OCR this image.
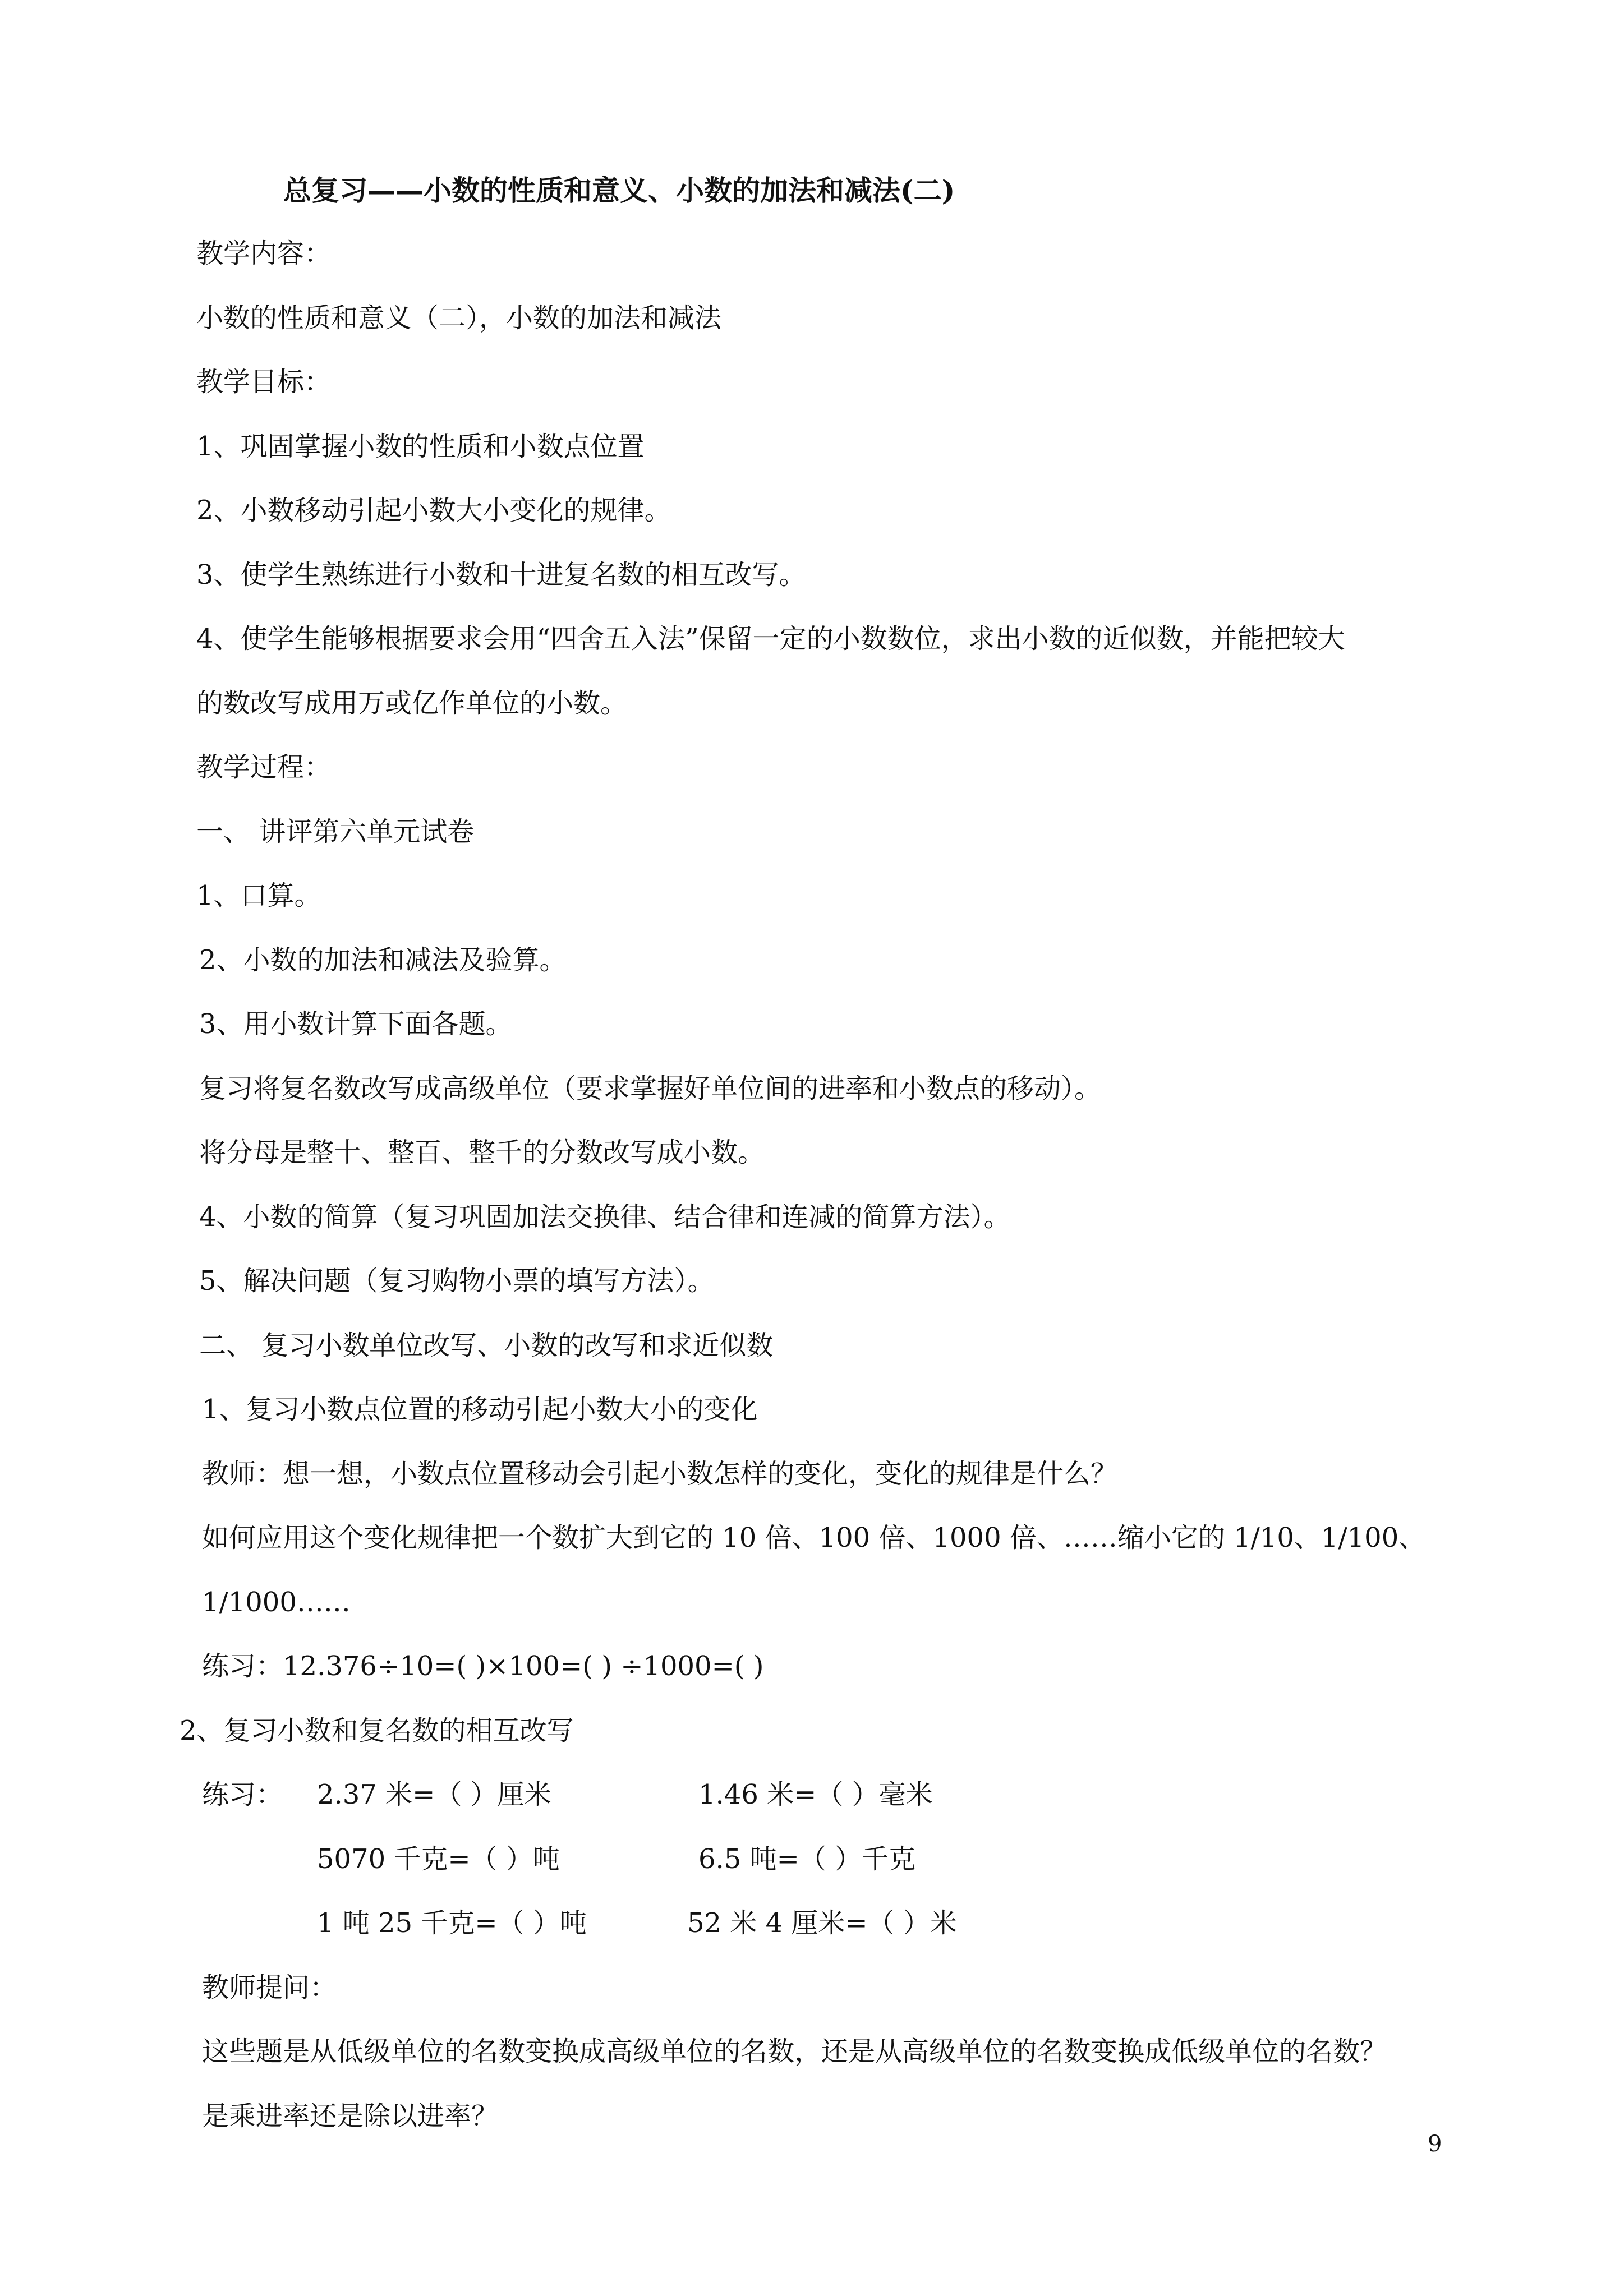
总复习——小数的性质和意义、小数的加法和减法(二)
教学内容：
小数的性质和意义（二），小数的加法和减法
教学目标：
1、巩固掌握小数的性质和小数点位置
2、小数移动引起小数大小变化的规律。
3、使学生熟练进行小数和十进复名数的相互改写。
4、使学生能够根据要求会用“四舍五入法”保留一定的小数数位，求出小数的近似数，并能把较大
的数改写成用万或亿作单位的小数。
教学过程：
一、 讲评第六单元试卷
1、口算。
2、小数的加法和减法及验算。
3、用小数计算下面各题。
复习将复名数改写成高级单位（要求掌握好单位间的进率和小数点的移动）。
将分母是整十、整百、整千的分数改写成小数。
4、小数的简算（复习巩固加法交换律、结合律和连减的简算方法）。
5、解决问题（复习购物小票的填写方法）。
二、 复习小数单位改写、小数的改写和求近似数
1、复习小数点位置的移动引起小数大小的变化
教师：想一想，小数点位置移动会引起小数怎样的变化，变化的规律是什么？
如何应用这个变化规律把一个数扩大到它的 10 倍、100 倍、1000 倍、……缩小它的 1/10、1/100、
1/1000……
练习：12.376÷10=( )×100=( ) ÷1000=( )
2、复习小数和复名数的相互改写
练习： 2.37 米=（ ）厘米	1.46 米=（ ）毫米
5070 千克=（ ）吨	6.5 吨=（ ）千克
1 吨 25 千克=（ ）吨	52 米 4 厘米=（ ）米
教师提问：
这些题是从低级单位的名数变换成高级单位的名数，还是从高级单位的名数变换成低级单位的名数？
是乘进率还是除以进率？
9
